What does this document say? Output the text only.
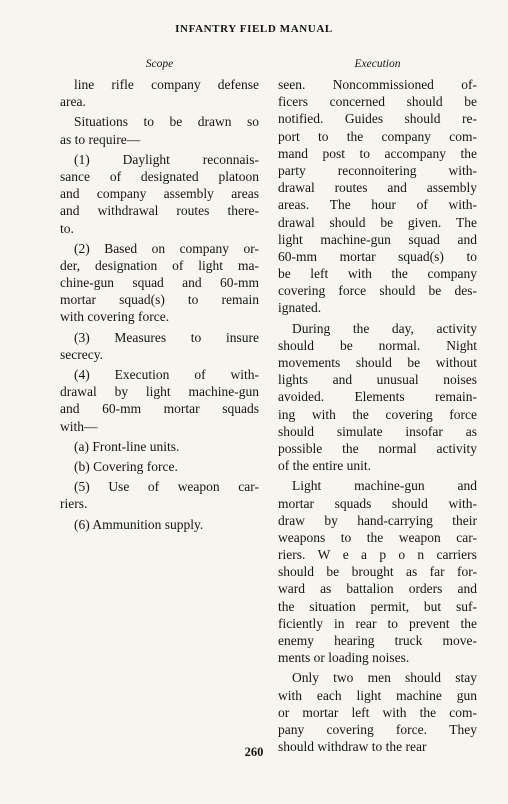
INFANTRY FIELD MANUAL
Scope
line rifle company defense
area.
Situations to be drawn so
as to require—
(1) Daylight reconnais-
sance of designated platoon
and company assembly areas
and withdrawal routes there-
to.
(2) Based on company or-
der, designation of light ma-
chine-gun squad and 60-mm
mortar squad(s) to remain
with covering force.
(3) Measures to insure
secrecy.
(4) Execution of with-
drawal by light machine-gun
and 60-mm mortar squads
with—
(a) Front-line units.
(b) Covering force.
(5) Use of weapon car-
riers.
(6) Ammunition supply.
Execution
seen. Noncommissioned of-
ficers concerned should be
notified. Guides should re-
port to the company com-
mand post to accompany the
party reconnoitering with-
drawal routes and assembly
areas. The hour of with-
drawal should be given. The
light machine-gun squad and
60-mm mortar squad(s) to
be left with the company
covering force should be des-
ignated.
During the day, activity
should be normal. Night
movements should be without
lights and unusual noises
avoided. Elements remain-
ing with the covering force
should simulate insofar as
possible the normal activity
of the entire unit.
Light machine-gun and
mortar squads should with-
draw by hand-carrying their
weapons to the weapon car-
riers. W e a p o n carriers
should be brought as far for-
ward as battalion orders and
the situation permit, but suf-
ficiently in rear to prevent the
enemy hearing truck move-
ments or loading noises.
Only two men should stay
with each light machine gun
or mortar left with the com-
pany covering force. They
should withdraw to the rear
260
